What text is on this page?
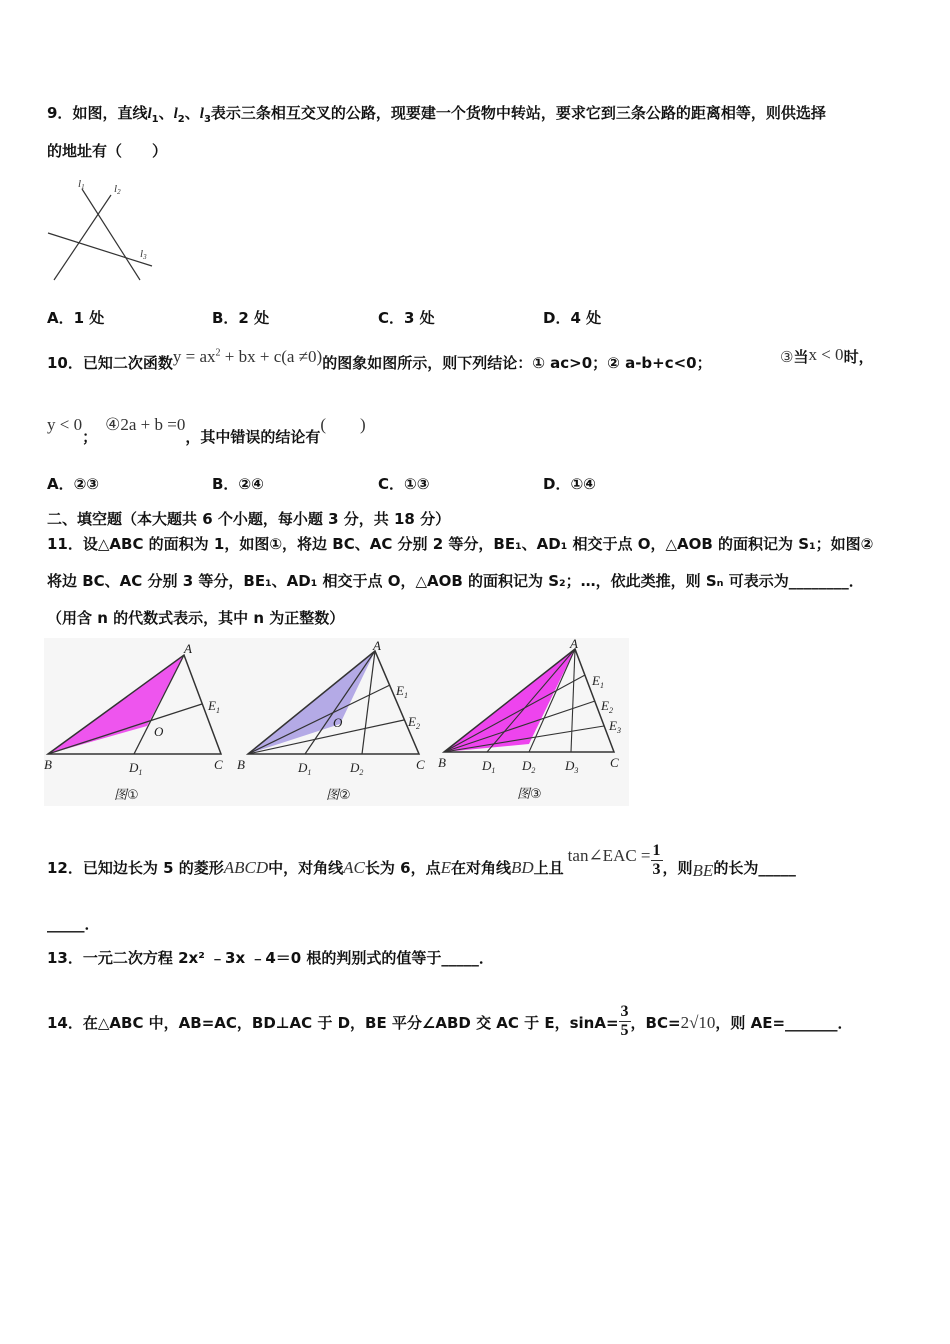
9．如图，直线$l_1$、$l_2$、$l_3$表示三条相互交叉的公路，现要建一个货物中转站，要求它到三条公路的距离相等，则供选择
的地址有（　　）
l1	l2
l3
A．1 处	B．2 处	C．3 处	D．4 处
10．已知二次函数$y = ax^2$ + bx + c(a ≠0)的图象如图所示，则下列结论：① ac>0；② a-b+c<0；	③当x < 0时，
y < 0；④2a + b =0，其中错误的结论有(　　)
A．②③	B．②④	C．①③	D．①④
二、填空题（本大题共 6 个小题，每小题 3 分，共 18 分）
11．设△ABC 的面积为 1，如图①，将边 BC、AC 分别 2 等分，BE₁、AD₁ 相交于点 O，△AOB 的面积记为 S₁；如图②
将边 BC、AC 分别 3 等分，BE₁、AD₁ 相交于点 O，△AOB 的面积记为 S₂；…，依此类推，则 Sₙ 可表示为________．
（用含 n 的代数式表示，其中 n 为正整数）
A
B	C
O
$E_1$
$D_1$
图①
A
B	C
O
$E_1$
$E_2$
$D_1$	$D_2$
图②
A
B	C
$E_1$
$E_2$
$E_3$
$D_1$ $D_2$ $D_3$
图③
12．已知边长为 5 的菱形ABCD中，对角线AC长为 6，点E在对角线BD上且tan∠EAC = $\frac{1}{3}$ ，则BE的长为_____
_____．
13．一元二次方程 2x² ﹣3x ﹣4＝0 根的判别式的值等于_____．
14．在△ABC 中，AB=AC，BD⊥AC 于 D，BE 平分∠ABD 交 AC 于 E，$\sin A= \frac{3}{5}$ ，BC=2√10，则 AE=_______．
